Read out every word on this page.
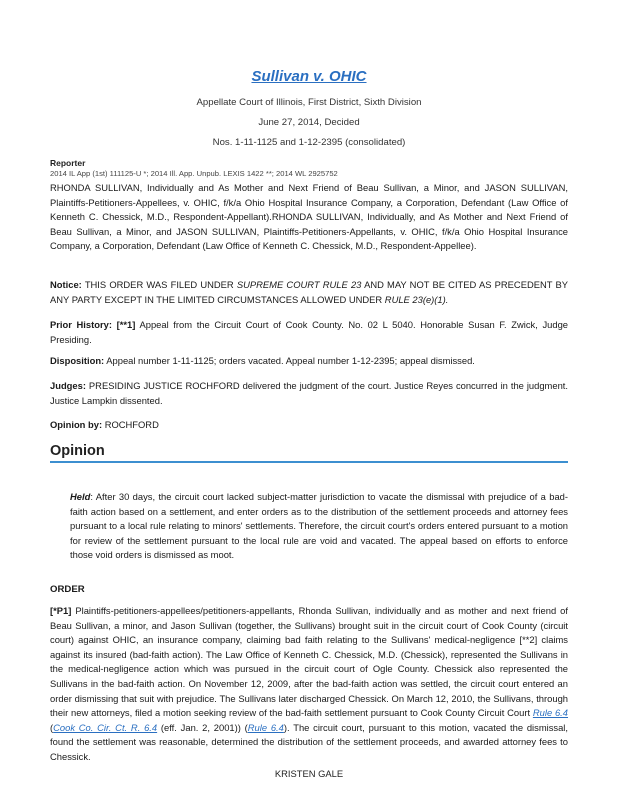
Sullivan v. OHIC
Appellate Court of Illinois, First District, Sixth Division
June 27, 2014, Decided
Nos. 1-11-1125 and 1-12-2395 (consolidated)
Reporter
2014 IL App (1st) 111125-U *; 2014 Ill. App. Unpub. LEXIS 1422 **; 2014 WL 2925752
RHONDA SULLIVAN, Individually and As Mother and Next Friend of Beau Sullivan, a Minor, and JASON SULLIVAN, Plaintiffs-Petitioners-Appellees, v. OHIC, f/k/a Ohio Hospital Insurance Company, a Corporation, Defendant (Law Office of Kenneth C. Chessick, M.D., Respondent-Appellant).RHONDA SULLIVAN, Individually, and As Mother and Next Friend of Beau Sullivan, a Minor, and JASON SULLIVAN, Plaintiffs-Petitioners-Appellants, v. OHIC, f/k/a Ohio Hospital Insurance Company, a Corporation, Defendant (Law Office of Kenneth C. Chessick, M.D., Respondent-Appellee).
Notice: THIS ORDER WAS FILED UNDER SUPREME COURT RULE 23 AND MAY NOT BE CITED AS PRECEDENT BY ANY PARTY EXCEPT IN THE LIMITED CIRCUMSTANCES ALLOWED UNDER RULE 23(e)(1).
Prior History: [**1] Appeal from the Circuit Court of Cook County. No. 02 L 5040. Honorable Susan F. Zwick, Judge Presiding.
Disposition: Appeal number 1-11-1125; orders vacated. Appeal number 1-12-2395; appeal dismissed.
Judges: PRESIDING JUSTICE ROCHFORD delivered the judgment of the court. Justice Reyes concurred in the judgment. Justice Lampkin dissented.
Opinion by: ROCHFORD
Opinion
Held: After 30 days, the circuit court lacked subject-matter jurisdiction to vacate the dismissal with prejudice of a bad-faith action based on a settlement, and enter orders as to the distribution of the settlement proceeds and attorney fees pursuant to a local rule relating to minors' settlements. Therefore, the circuit court's orders entered pursuant to a motion for review of the settlement pursuant to the local rule are void and vacated. The appeal based on efforts to enforce those void orders is dismissed as moot.
ORDER
[*P1] Plaintiffs-petitioners-appellees/petitioners-appellants, Rhonda Sullivan, individually and as mother and next friend of Beau Sullivan, a minor, and Jason Sullivan (together, the Sullivans) brought suit in the circuit court of Cook County (circuit court) against OHIC, an insurance company, claiming bad faith relating to the Sullivans' medical-negligence [**2] claims against its insured (bad-faith action). The Law Office of Kenneth C. Chessick, M.D. (Chessick), represented the Sullivans in the medical-negligence action which was pursued in the circuit court of Ogle County. Chessick also represented the Sullivans in the bad-faith action. On November 12, 2009, after the bad-faith action was settled, the circuit court entered an order dismissing that suit with prejudice. The Sullivans later discharged Chessick. On March 12, 2010, the Sullivans, through their new attorneys, filed a motion seeking review of the bad-faith settlement pursuant to Cook County Circuit Court Rule 6.4 (Cook Co. Cir. Ct. R. 6.4 (eff. Jan. 2, 2001)) (Rule 6.4). The circuit court, pursuant to this motion, vacated the dismissal, found the settlement was reasonable, determined the distribution of the settlement proceeds, and awarded attorney fees to Chessick.
KRISTEN GALE
